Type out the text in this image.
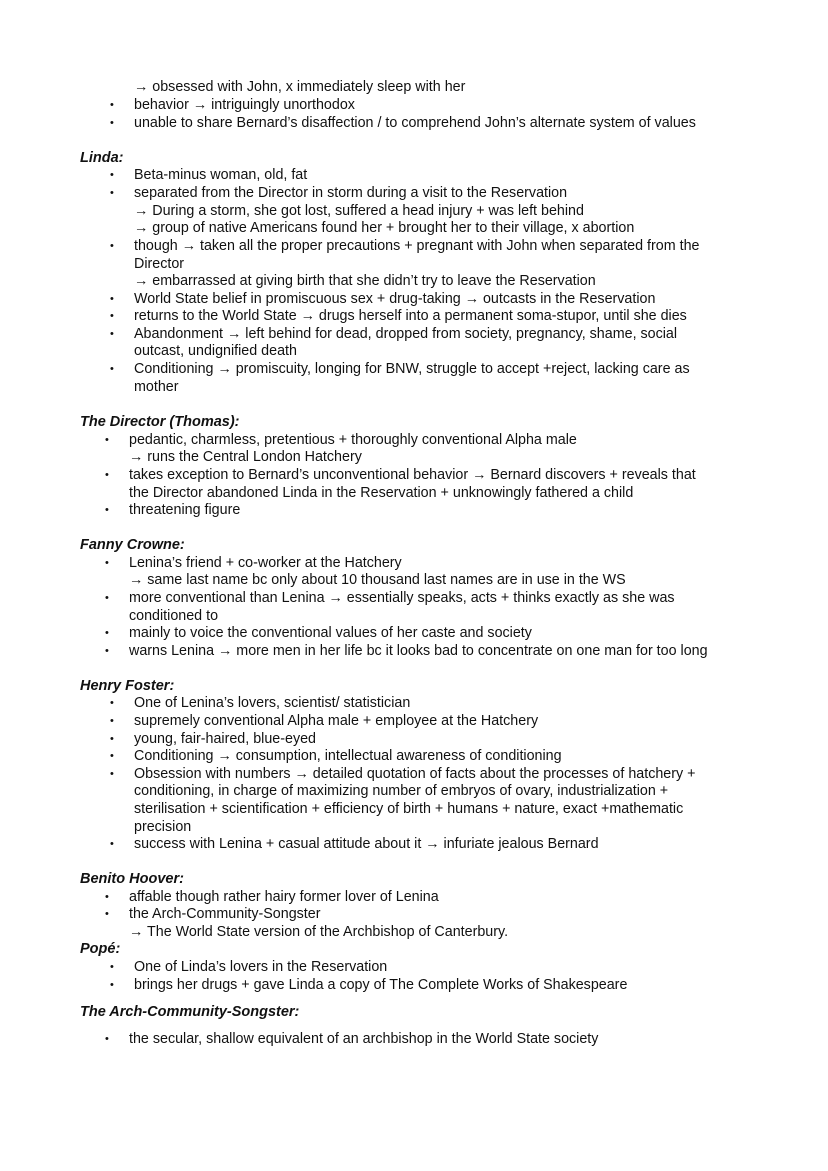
→ obsessed with John, x immediately sleep with her
• behavior → intriguingly unorthodox
• unable to share Bernard’s disaffection / to comprehend John’s alternate system of values
Linda:
• Beta-minus woman, old, fat
• separated from the Director in storm during a visit to the Reservation
→ During a storm, she got lost, suffered a head injury + was left behind
→ group of native Americans found her + brought her to their village, x abortion
• though → taken all the proper precautions + pregnant with John when separated from the
Director
→ embarrassed at giving birth that she didn’t try to leave the Reservation
• World State belief in promiscuous sex + drug-taking → outcasts in the Reservation
• returns to the World State → drugs herself into a permanent soma-stupor, until she dies
• Abandonment → left behind for dead, dropped from society, pregnancy, shame, social
outcast, undignified death
• Conditioning → promiscuity, longing for BNW, struggle to accept +reject, lacking care as
mother
The Director (Thomas):
• pedantic, charmless, pretentious + thoroughly conventional Alpha male
→ runs the Central London Hatchery
• takes exception to Bernard’s unconventional behavior → Bernard discovers + reveals that
the Director abandoned Linda in the Reservation + unknowingly fathered a child
• threatening figure
Fanny Crowne:
• Lenina’s friend + co-worker at the Hatchery
→ same last name bc only about 10 thousand last names are in use in the WS
• more conventional than Lenina → essentially speaks, acts + thinks exactly as she was
conditioned to
• mainly to voice the conventional values of her caste and society
• warns Lenina → more men in her life bc it looks bad to concentrate on one man for too long
Henry Foster:
• One of Lenina’s lovers, scientist/ statistician
• supremely conventional Alpha male + employee at the Hatchery
• young, fair-haired, blue-eyed
• Conditioning → consumption, intellectual awareness of conditioning
• Obsession with numbers → detailed quotation of facts about the processes of hatchery +
conditioning, in charge of maximizing number of embryos of ovary, industrialization +
sterilisation + scientification + efficiency of birth + humans + nature, exact +mathematic
precision
• success with Lenina + casual attitude about it → infuriate jealous Bernard
Benito Hoover:
• affable though rather hairy former lover of Lenina
• the Arch-Community-Songster
→ The World State version of the Archbishop of Canterbury.
Popé:
• One of Linda’s lovers in the Reservation
• brings her drugs + gave Linda a copy of The Complete Works of Shakespeare
The Arch-Community-Songster:
• the secular, shallow equivalent of an archbishop in the World State society
